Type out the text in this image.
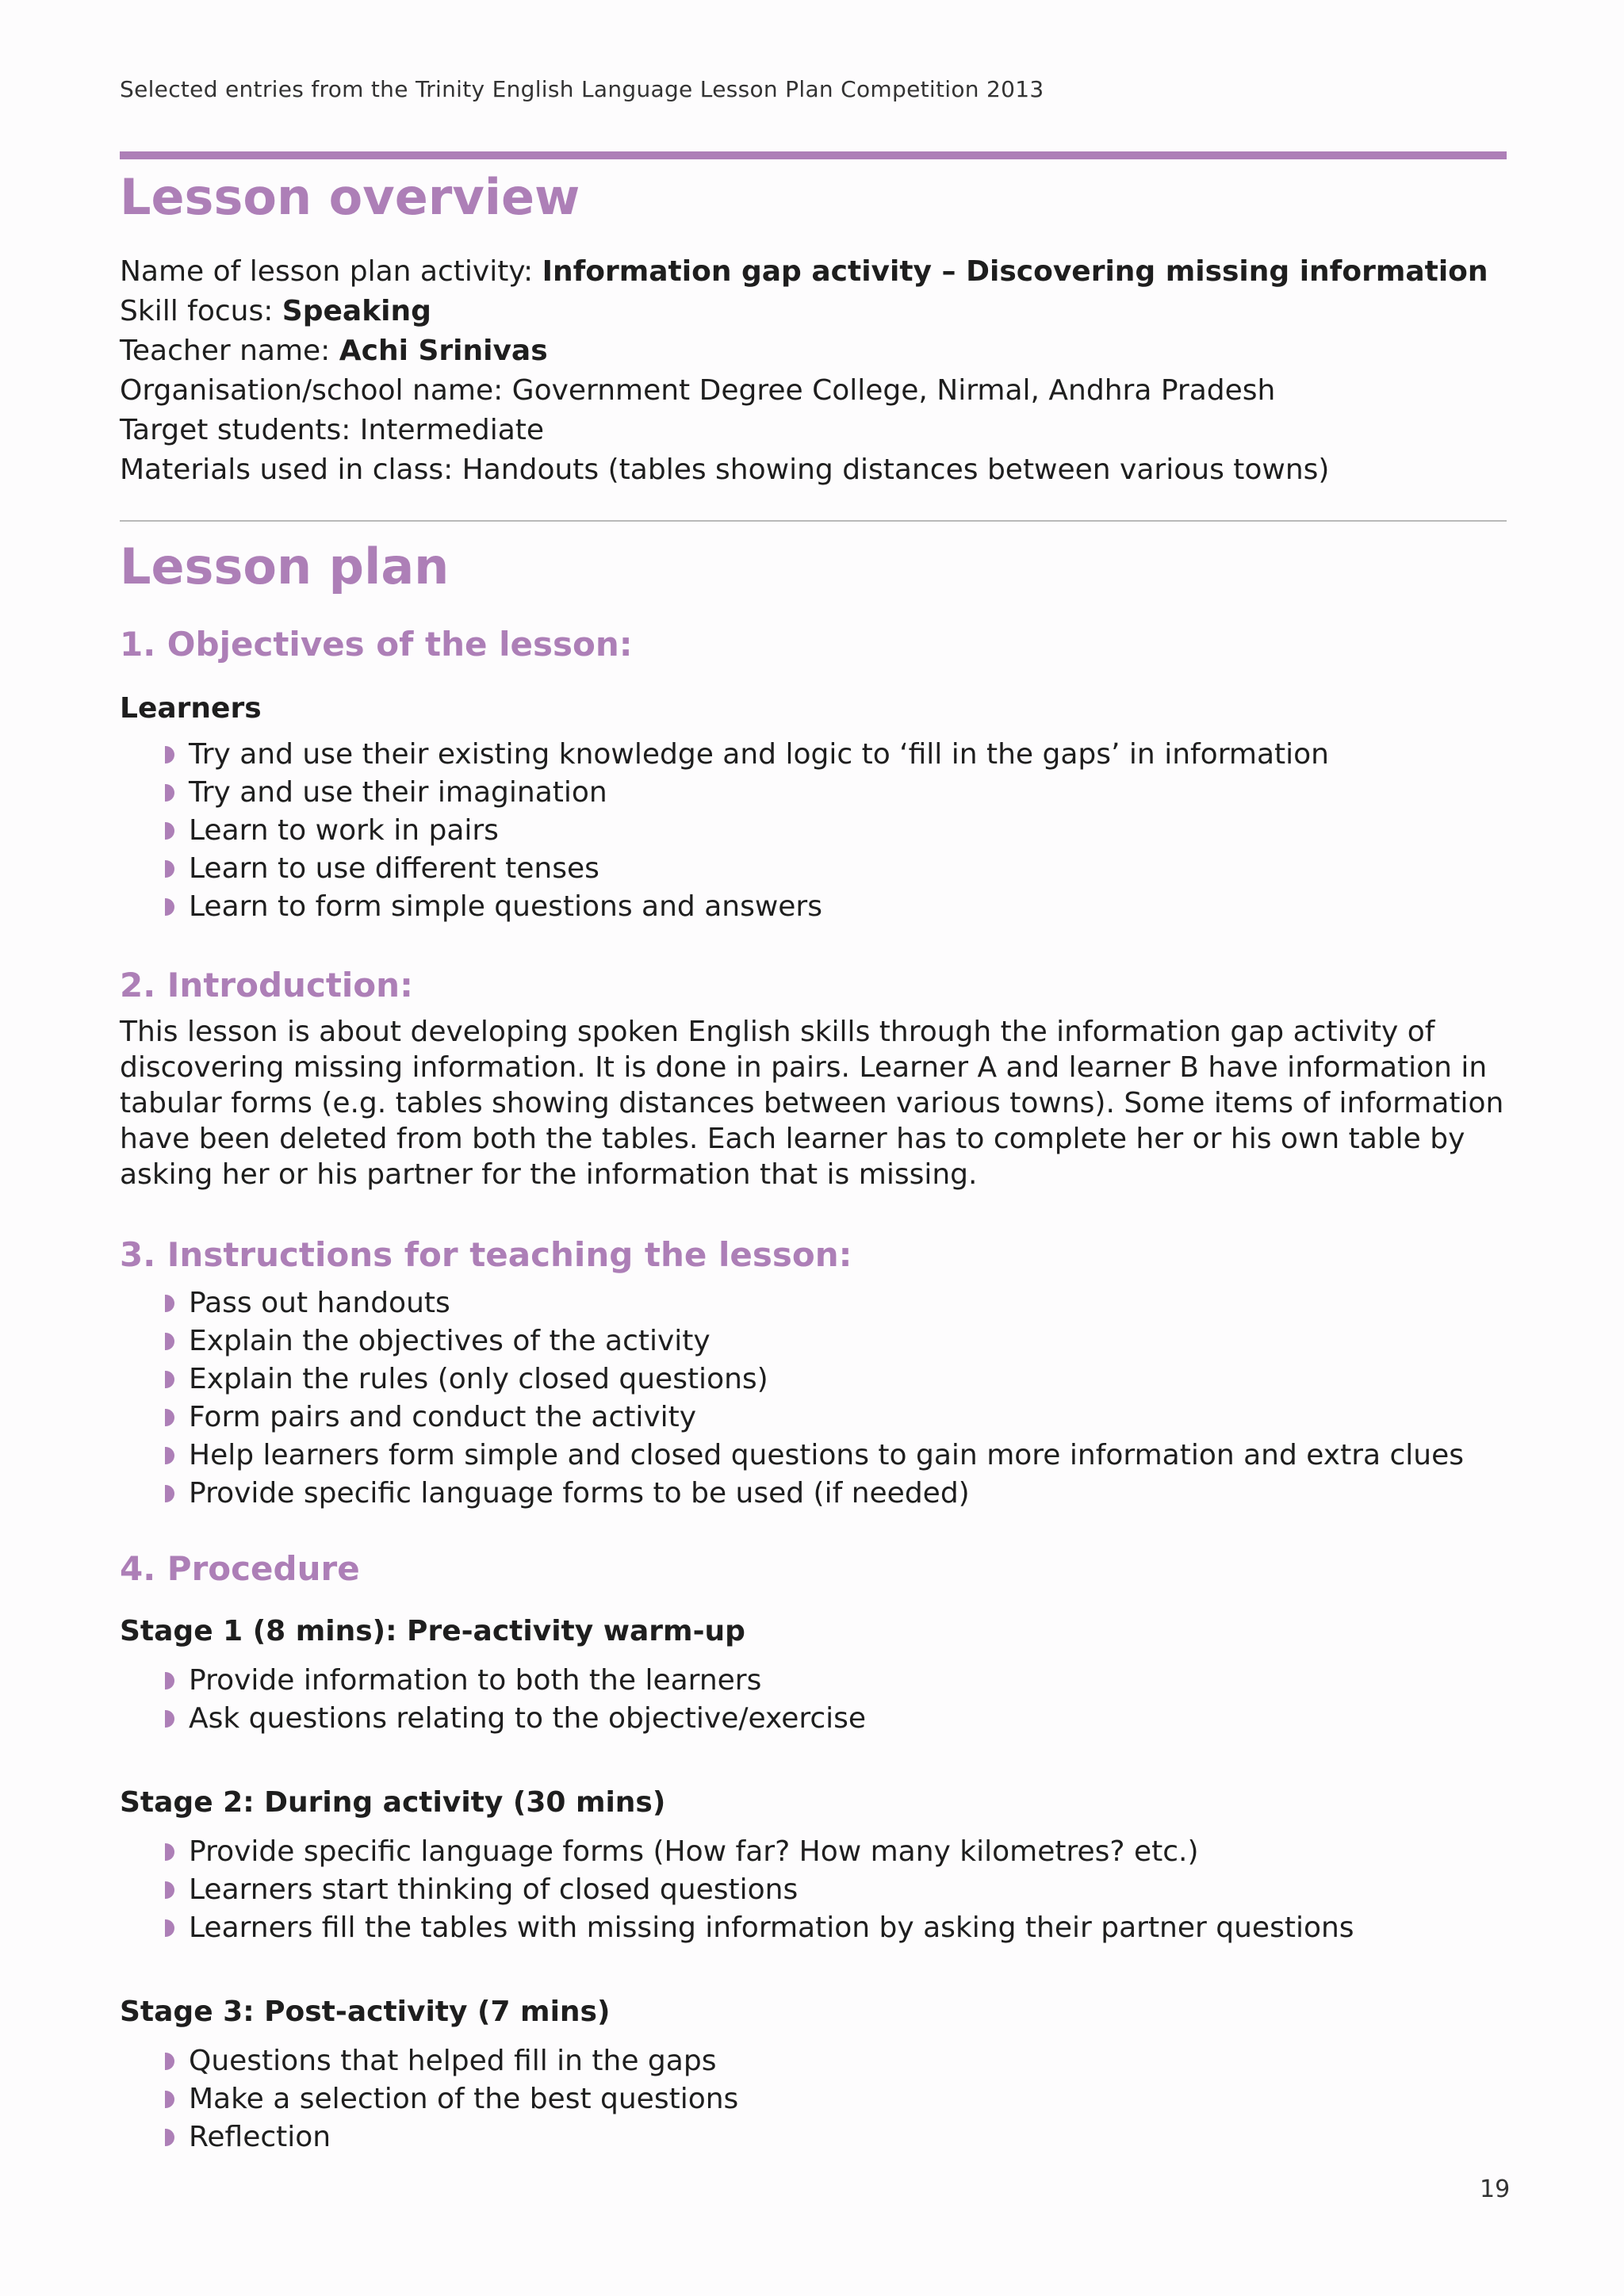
Selected entries from the Trinity English Language Lesson Plan Competition 2013
Lesson overview
Name of lesson plan activity: Information gap activity – Discovering missing information
Skill focus: Speaking
Teacher name: Achi Srinivas
Organisation/school name: Government Degree College, Nirmal, Andhra Pradesh
Target students: Intermediate
Materials used in class: Handouts (tables showing distances between various towns)
Lesson plan
1. Objectives of the lesson:
Learners
Try and use their existing knowledge and logic to ‘fill in the gaps’ in information
Try and use their imagination
Learn to work in pairs
Learn to use different tenses
Learn to form simple questions and answers
2. Introduction:

This lesson is about developing spoken English skills through the information gap activity of discovering missing information. It is done in pairs. Learner A and learner B have information in tabular forms (e.g. tables showing distances between various towns). Some items of information have been deleted from both the tables. Each learner has to complete her or his own table by asking her or his partner for the information that is missing.

3. Instructions for teaching the lesson:
Pass out handouts
Explain the objectives of the activity
Explain the rules (only closed questions)
Form pairs and conduct the activity
Help learners form simple and closed questions to gain more information and extra clues
Provide specific language forms to be used (if needed)
4. Procedure
Stage 1 (8 mins): Pre-activity warm-up
Provide information to both the learners
Ask questions relating to the objective/exercise
Stage 2: During activity (30 mins)
Provide specific language forms (How far? How many kilometres? etc.)
Learners start thinking of closed questions
Learners fill the tables with missing information by asking their partner questions
Stage 3: Post-activity (7 mins)
Questions that helped fill in the gaps
Make a selection of the best questions
Reflection
19
